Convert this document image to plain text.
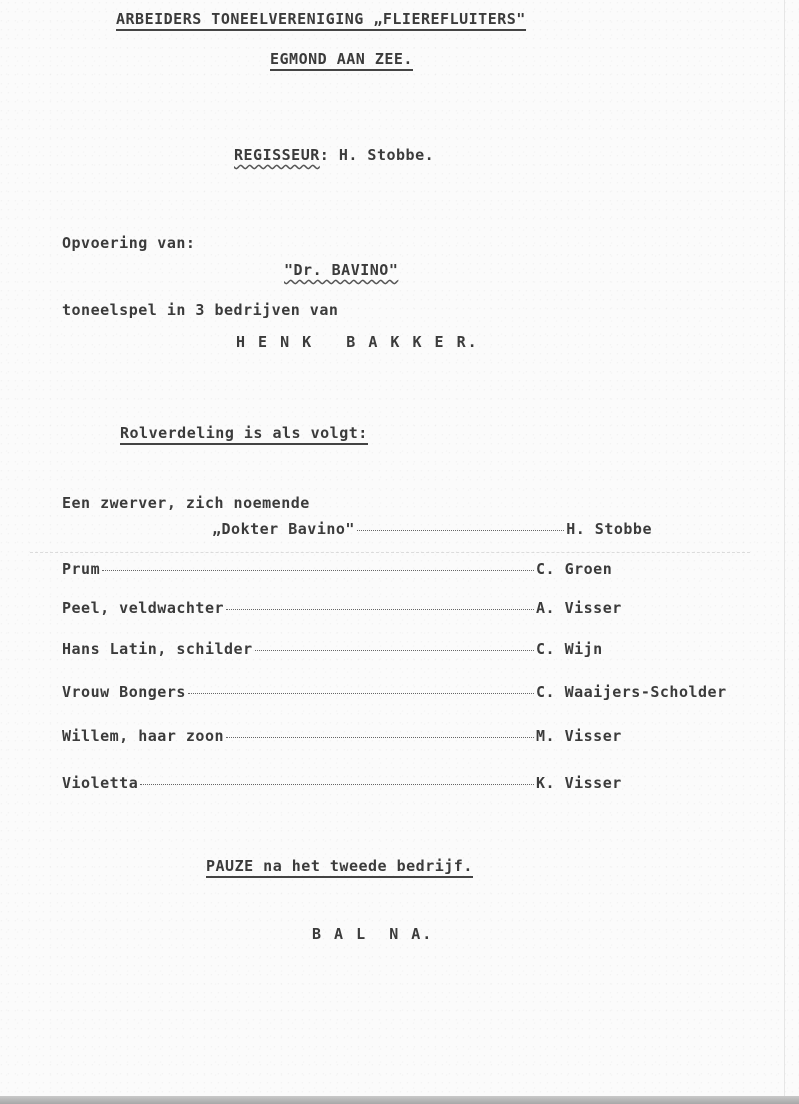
ARBEIDERS TONEELVERENIGING „FLIEREFLUITERS"
EGMOND AAN ZEE.
REGISSEUR: H. Stobbe.
Opvoering van:
"Dr. BAVINO"
toneelspel in 3 bedrijven van
H E N K   B A K K E R.
Rolverdeling is als volgt:
Een zwerver, zich noemende
„Dokter Bavino"	H. Stobbe
Prum	C. Groen
Peel, veldwachter	A. Visser
Hans Latin, schilder	C. Wijn
Vrouw Bongers	C. Waaijers-Scholder
Willem, haar zoon	M. Visser
Violetta	K. Visser
PAUZE na het tweede bedrijf.
B A L  N A.
